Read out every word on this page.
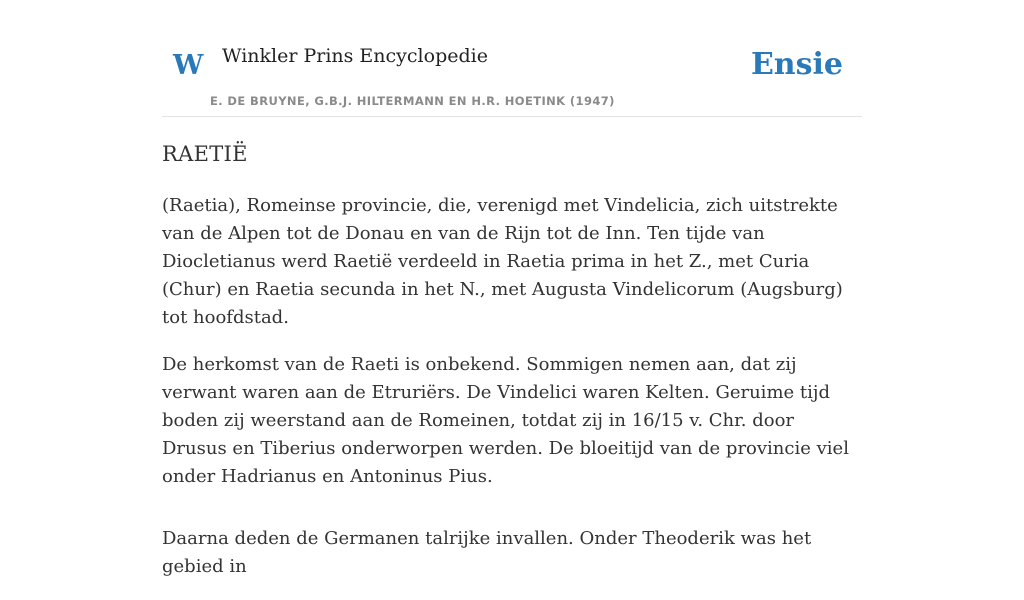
W Winkler Prins Encyclopedie
E. DE BRUYNE, G.B.J. HILTERMANN EN H.R. HOETINK (1947)
Ensie
RAETIË

(Raetia), Romeinse provincie, die, verenigd met Vindelicia, zich uitstrekte van de Alpen tot de Donau en van de Rijn tot de Inn. Ten tijde van Diocletianus werd Raetië verdeeld in Raetia prima in het Z., met Curia (Chur) en Raetia secunda in het N., met Augusta Vindelicorum (Augsburg) tot hoofdstad.

De herkomst van de Raeti is onbekend. Sommigen nemen aan, dat zij verwant waren aan de Etruriërs. De Vindelici waren Kelten. Geruime tijd boden zij weerstand aan de Romeinen, totdat zij in 16/15 v. Chr. door Drusus en Tiberius onderworpen werden. De bloeitijd van de provincie viel onder Hadrianus en Antoninus Pius.

Daarna deden de Germanen talrijke invallen. Onder Theoderik was het gebied in
